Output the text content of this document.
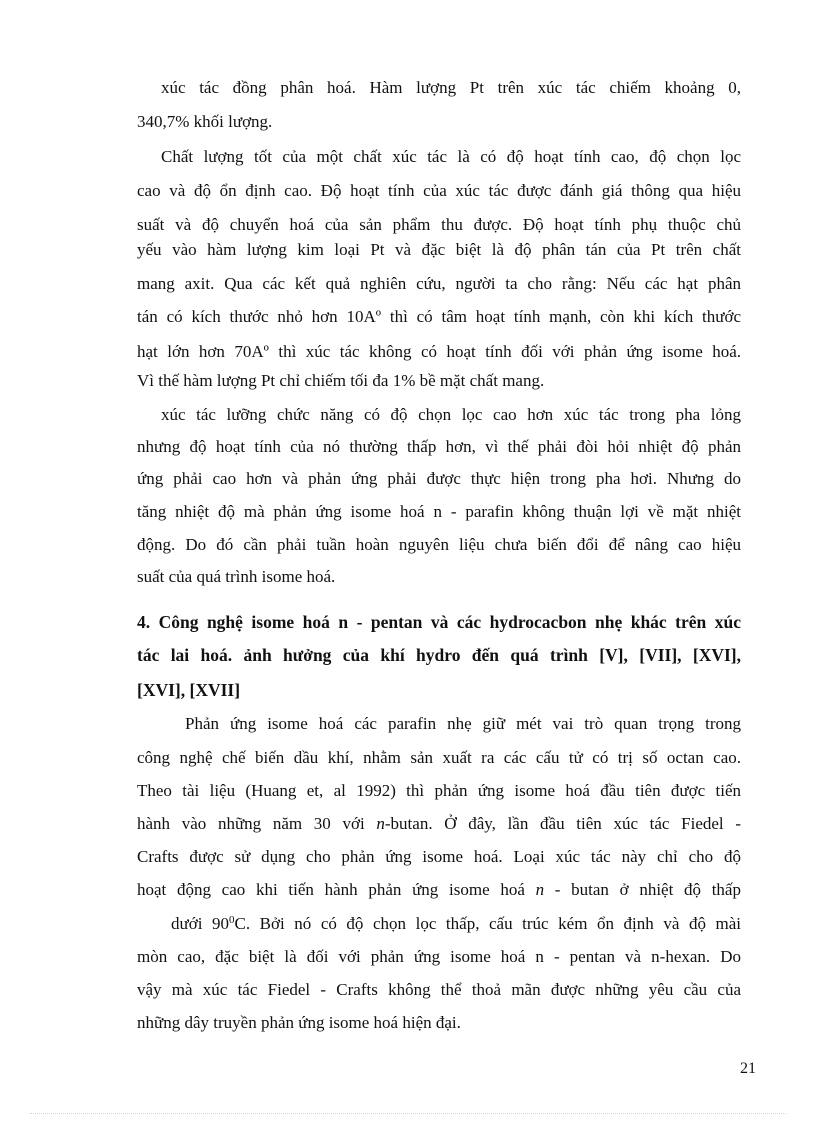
xúc tác đồng phân hoá. Hàm lượng Pt trên xúc tác chiếm khoảng 0,
340,7% khối lượng.
Chất lượng tốt của một chất xúc tác là có độ hoạt tính cao, độ chọn lọc
cao và độ ổn định cao. Độ hoạt tính của xúc tác được đánh giá thông qua hiệu
suất và độ chuyển hoá của sản phẩm thu được. Độ hoạt tính phụ thuộc chủ
yếu vào hàm lượng kim loại Pt và đặc biệt là độ phân tán của Pt trên chất
mang axit. Qua các kết quả nghiên cứu, người ta cho rằng: Nếu các hạt phân
tán có kích thước nhỏ hơn 10Aº thì có tâm hoạt tính mạnh, còn khi kích thước
hạt lớn hơn 70Aº thì xúc tác không có hoạt tính đối với phản ứng isome hoá.
Vì thế hàm lượng Pt chỉ chiếm tối đa 1% bề mặt chất mang.
xúc tác lưỡng chức năng có độ chọn lọc cao hơn xúc tác trong pha lỏng
nhưng độ hoạt tính của nó thường thấp hơn, vì thế phải đòi hỏi nhiệt độ phản
ứng phải cao hơn và phản ứng phải được thực hiện trong pha hơi. Nhưng do
tăng nhiệt độ mà phản ứng isome hoá n - parafin không thuận lợi về mặt nhiệt
động. Do đó cần phải tuần hoàn nguyên liệu chưa biến đổi để nâng cao hiệu
suất của quá trình isome hoá.
4. Công nghệ isome hoá n - pentan và các hydrocacbon nhẹ khác trên xúc
tác lai hoá. ảnh hưởng của khí hydro đến quá trình [V], [VII], [XVI],
[XVI], [XVII]
Phản ứng isome hoá các parafin nhẹ giữ mét vai trò quan trọng trong
công nghệ chế biến dầu khí, nhằm sản xuất ra các cấu tử có trị số octan cao.
Theo tài liệu (Huang et, al 1992) thì phản ứng isome hoá đầu tiên được tiến
hành vào những năm 30 với n-butan. Ở đây, lần đầu tiên xúc tác Fiedel -
Crafts được sử dụng cho phản ứng isome hoá. Loại xúc tác này chỉ cho độ
hoạt động cao khi tiến hành phản ứng isome hoá n - butan ở nhiệt độ thấp
dưới $90^0C$. Bởi nó có độ chọn lọc thấp, cấu trúc kém ổn định và độ mài
mòn cao, đặc biệt là đối với phản ứng isome hoá n - pentan và n-hexan. Do
vậy mà xúc tác Fiedel - Crafts không thể thoả mãn được những yêu cầu của
những dây truyền phản ứng isome hoá hiện đại.
21
